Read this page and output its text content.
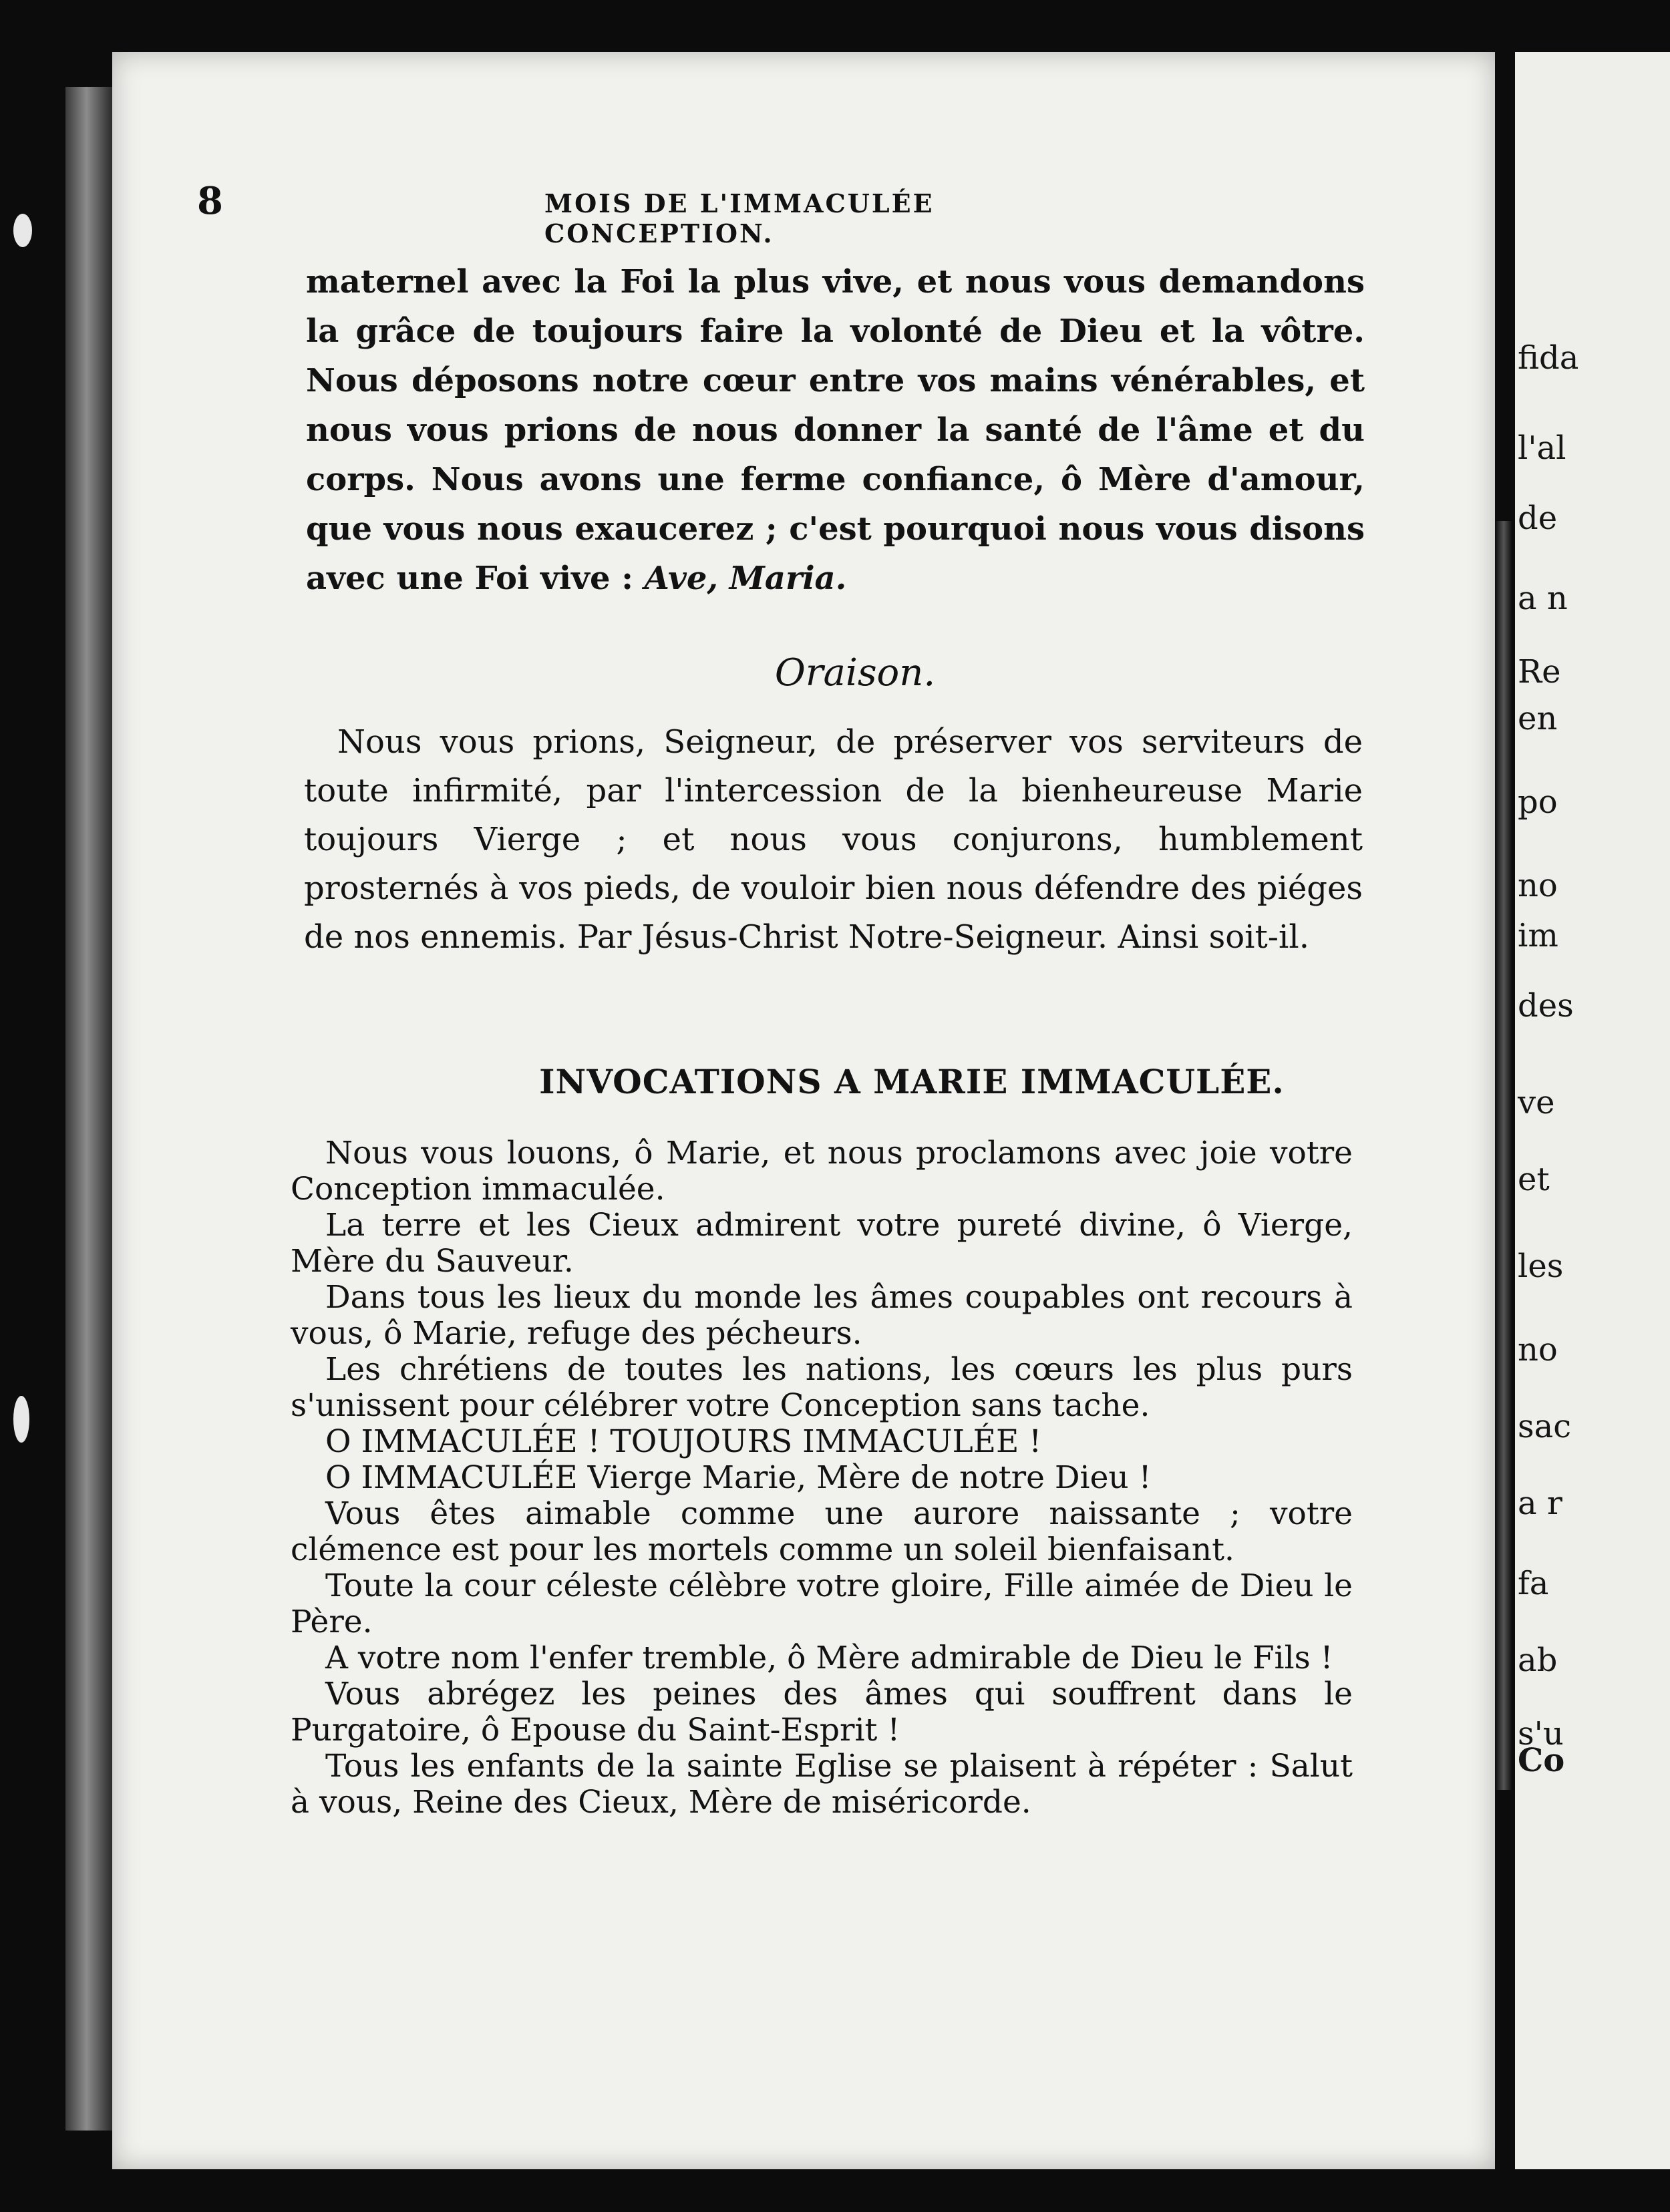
fida
l'al
de
a n
Re
en
po
no
im
des
ve
et
les
no
sac
a r
fa
ab
s'u
Co
8	MOIS DE L'IMMACULÉE CONCEPTION.
maternel avec la Foi la plus vive, et nous vous demandons la grâce de toujours faire la volonté de Dieu et la vôtre. Nous déposons notre cœur entre vos mains vénérables, et nous vous prions de nous donner la santé de l'âme et du corps. Nous avons une ferme confiance, ô Mère d'amour, que vous nous exaucerez ; c'est pourquoi nous vous disons avec une Foi vive : Ave, Maria.
Oraison.
Nous vous prions, Seigneur, de préserver vos serviteurs de toute infirmité, par l'intercession de la bienheureuse Marie toujours Vierge ; et nous vous conjurons, humblement prosternés à vos pieds, de vouloir bien nous défendre des piéges de nos ennemis. Par Jésus-Christ Notre-Seigneur. Ainsi soit-il.
INVOCATIONS A MARIE IMMACULÉE.

Nous vous louons, ô Marie, et nous proclamons avec joie votre Conception immaculée.

La terre et les Cieux admirent votre pureté divine, ô Vierge, Mère du Sauveur.

Dans tous les lieux du monde les âmes coupables ont recours à vous, ô Marie, refuge des pécheurs.

Les chrétiens de toutes les nations, les cœurs les plus purs s'unissent pour célébrer votre Conception sans tache.

O IMMACULÉE ! TOUJOURS IMMACULÉE !

O IMMACULÉE Vierge Marie, Mère de notre Dieu !

Vous êtes aimable comme une aurore naissante ; votre clémence est pour les mortels comme un soleil bienfaisant.

Toute la cour céleste célèbre votre gloire, Fille aimée de Dieu le Père.

A votre nom l'enfer tremble, ô Mère admirable de Dieu le Fils !

Vous abrégez les peines des âmes qui souffrent dans le Purgatoire, ô Epouse du Saint-Esprit !

Tous les enfants de la sainte Eglise se plaisent à répéter : Salut à vous, Reine des Cieux, Mère de miséricorde.
